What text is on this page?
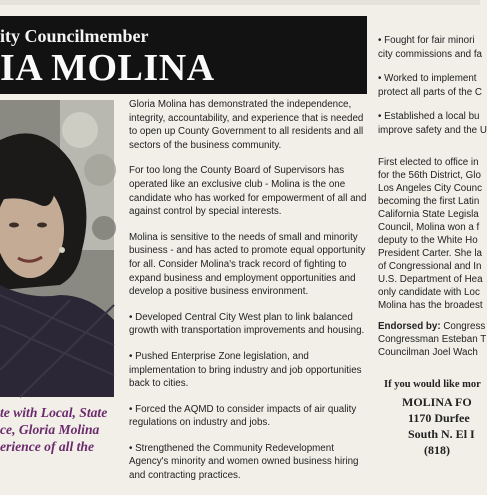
ity Councilmember
IA MOLINA
te with Local, State
ce, Gloria Molina
erience of all the

Gloria Molina has demonstrated the independence, integrity, accountability, and experience that is needed to open up County Government to all residents and all sectors of the business community.

For too long the County Board of Supervisors has operated like an exclusive club - Molina is the one candidate who has worked for empowerment of all and against control by special interests.

Molina is sensitive to the needs of small and minority business - and has acted to promote equal opportunity for all. Consider Molina's track record of fighting to expand business and employment opportunities and develop a positive business environment.

• Developed Central City West plan to link balanced growth with transportation improvements and housing.

• Pushed Enterprise Zone legislation, and implementation to bring industry and job opportunities back to cities.

• Forced the AQMD to consider impacts of air quality regulations on industry and jobs.

• Strengthened the Community Redevelopment Agency's minority and women owned business hiring and contracting practices.

• Fought for fair minori
city commissions and fa
• Worked to implement
protect all parts of the C
• Established a local bu
improve safety and the U
First elected to office in
for the 56th District, Glo
Los Angeles City Counc
becoming the first Latin
California State Legisla
Council, Molina won a f
deputy to the White Ho
President Carter. She la
of Congressional and In
U.S. Department of Hea
only candidate with Loc
Molina has the broadest
Endorsed by: Congress
Congressman Esteban T
Councilman Joel Wach
If you would like mor
MOLINA FO
1170 Durfee
South N. El I
(818)
